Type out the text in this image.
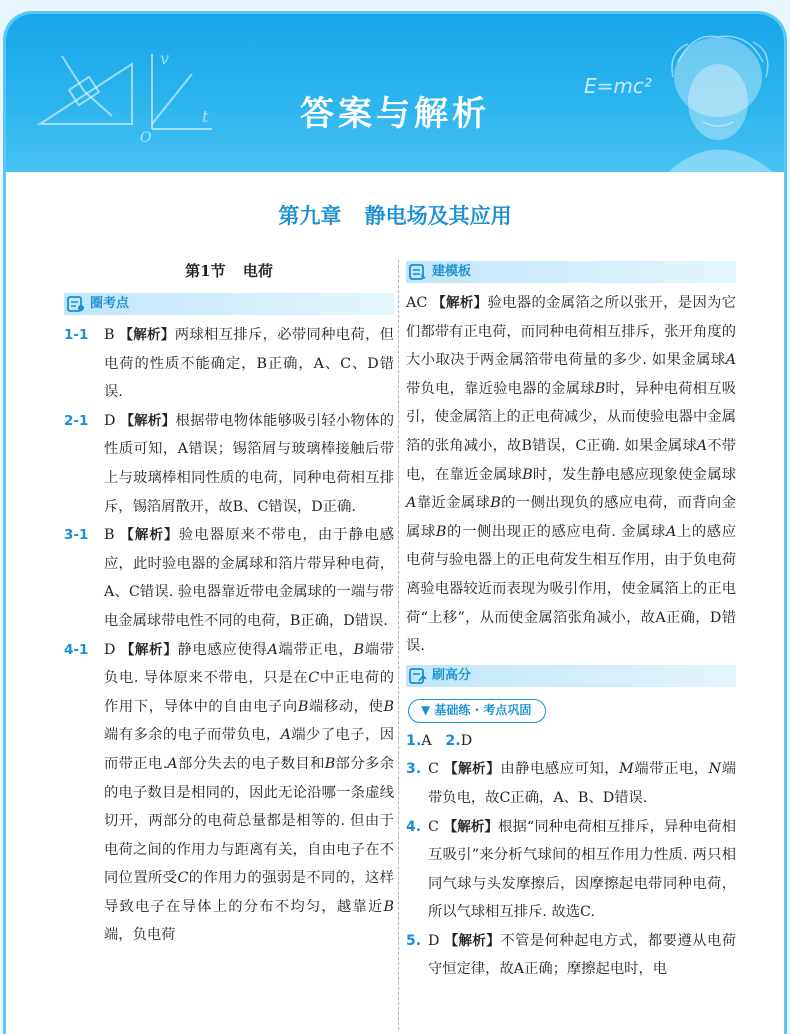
v
t
O
答案与解析
E=mc²
第九章 静电场及其应用
第1节 电荷
圈考点
1-1 B 【解析】两球相互排斥，必带同种电荷，但电荷的性质不能确定，B正确，A、C、D错误.
2-1 D 【解析】根据带电物体能够吸引轻小物体的性质可知，A错误；锡箔屑与玻璃棒接触后带上与玻璃棒相同性质的电荷，同种电荷相互排斥，锡箔屑散开，故B、C错误，D正确.
3-1 B 【解析】验电器原来不带电，由于静电感应，此时验电器的金属球和箔片带异种电荷，A、C错误. 验电器靠近带电金属球的一端与带电金属球带电性不同的电荷，B正确，D错误.
4-1 D 【解析】静电感应使得A端带正电，B端带负电. 导体原来不带电，只是在C中正电荷的作用下，导体中的自由电子向B端移动，使B端有多余的电子而带负电，A端少了电子，因而带正电.A部分失去的电子数目和B部分多余的电子数目是相同的，因此无论沿哪一条虚线切开，两部分的电荷总量都是相等的. 但由于电荷之间的作用力与距离有关，自由电子在不同位置所受C的作用力的强弱是不同的，这样导致电子在导体上的分布不均匀，越靠近B端，负电荷
建模板
AC 【解析】验电器的金属箔之所以张开，是因为它们都带有正电荷，而同种电荷相互排斥，张开角度的大小取决于两金属箔带电荷量的多少. 如果金属球A带负电，靠近验电器的金属球B时，异种电荷相互吸引，使金属箔上的正电荷减少，从而使验电器中金属箔的张角减小，故B错误，C正确. 如果金属球A不带电，在靠近金属球B时，发生静电感应现象使金属球A靠近金属球B的一侧出现负的感应电荷，而背向金属球B的一侧出现正的感应电荷. 金属球A上的感应电荷与验电器上的正电荷发生相互作用，由于负电荷离验电器较近而表现为吸引作用，使金属箔上的正电荷“上移”，从而使金属箔张角减小，故A正确，D错误.
刷高分
▼ 基础练 · 考点巩固
1.A 2.D
3. C 【解析】由静电感应可知，M端带正电，N端带负电，故C正确，A、B、D错误.
4. C 【解析】根据“同种电荷相互排斥，异种电荷相互吸引”来分析气球间的相互作用力性质. 两只相同气球与头发摩擦后，因摩擦起电带同种电荷，所以气球相互排斥. 故选C.
5. D 【解析】不管是何种起电方式，都要遵从电荷守恒定律，故A正确；摩擦起电时，电
